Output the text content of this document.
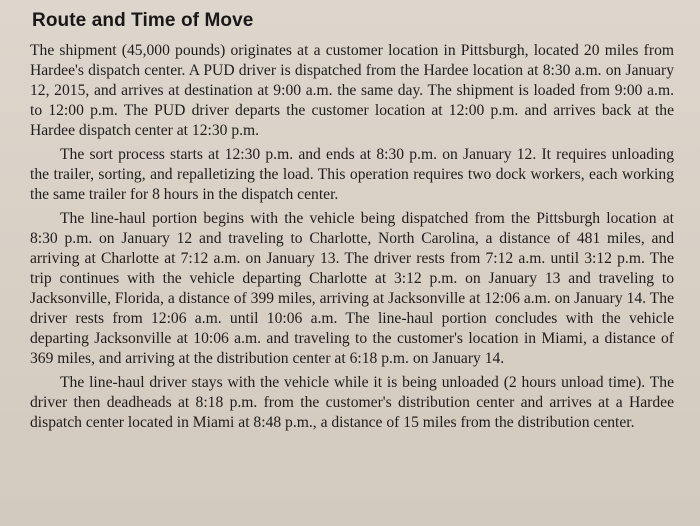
Route and Time of Move

The shipment (45,000 pounds) originates at a customer location in Pittsburgh, located 20 miles from Hardee's dispatch center. A PUD driver is dispatched from the Hardee location at 8:30 a.m. on January 12, 2015, and arrives at destination at 9:00 a.m. the same day. The shipment is loaded from 9:00 a.m. to 12:00 p.m. The PUD driver departs the customer location at 12:00 p.m. and arrives back at the Hardee dispatch center at 12:30 p.m.

The sort process starts at 12:30 p.m. and ends at 8:30 p.m. on January 12. It requires unloading the trailer, sorting, and repalletizing the load. This operation requires two dock workers, each working the same trailer for 8 hours in the dispatch center.

The line-haul portion begins with the vehicle being dispatched from the Pittsburgh location at 8:30 p.m. on January 12 and traveling to Charlotte, North Carolina, a distance of 481 miles, and arriving at Charlotte at 7:12 a.m. on January 13. The driver rests from 7:12 a.m. until 3:12 p.m. The trip continues with the vehicle departing Charlotte at 3:12 p.m. on January 13 and traveling to Jacksonville, Florida, a distance of 399 miles, arriving at Jacksonville at 12:06 a.m. on January 14. The driver rests from 12:06 a.m. until 10:06 a.m. The line-haul portion concludes with the vehicle departing Jacksonville at 10:06 a.m. and traveling to the customer's location in Miami, a distance of 369 miles, and arriving at the distribution center at 6:18 p.m. on January 14.

The line-haul driver stays with the vehicle while it is being unloaded (2 hours unload time). The driver then deadheads at 8:18 p.m. from the customer's distribution center and arrives at a Hardee dispatch center located in Miami at 8:48 p.m., a distance of 15 miles from the distribution center.
